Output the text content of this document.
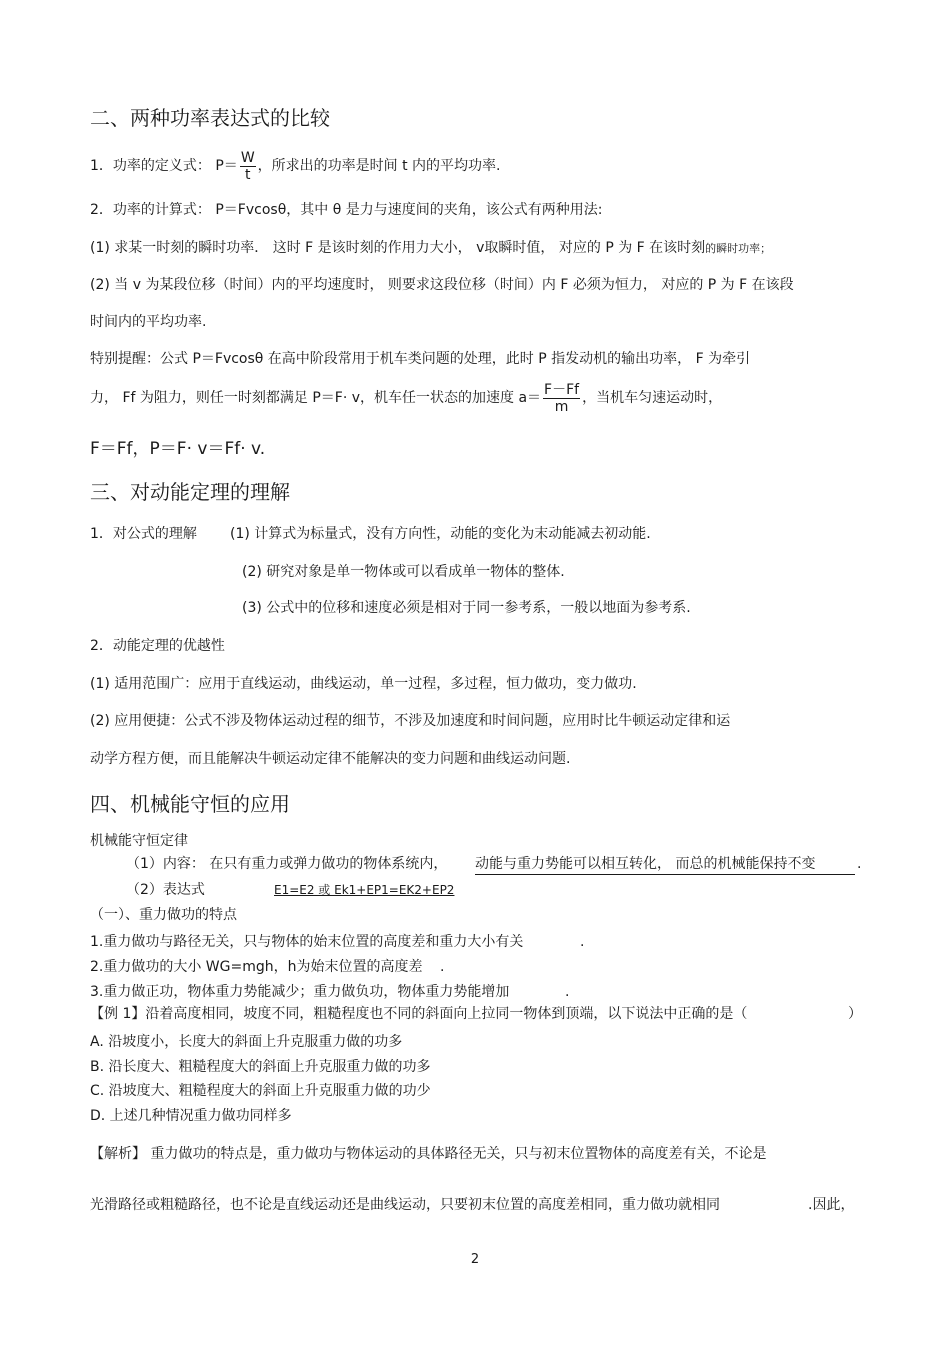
二、两种功率表达式的比较
1．功率的定义式： $P= \frac{W}{t}$ ，所求出的功率是时间 t 内的平均功率.
2．功率的计算式： P＝Fvcosθ，其中 θ 是力与速度间的夹角，该公式有两种用法:
(1) 求某一时刻的瞬时功率． 这时 F 是该时刻的作用力大小， v取瞬时值， 对应的 P 为 F 在该时刻的瞬时功率；
(2) 当 v 为某段位移（时间）内的平均速度时， 则要求这段位移（时间）内 F 必须为恒力， 对应的 P 为 F 在该段
时间内的平均功率.
特别提醒：公式 P＝Fvcosθ 在高中阶段常用于机车类问题的处理，此时 P 指发动机的输出功率， F 为牵引
力， Ff 为阻力，则任一时刻都满足 P＝F· v，机车任一状态的加速度 $a= \frac{F-Ff}{m}$ ，当机车匀速运动时，
F＝Ff，P＝F· v＝Ff· v.
三、对动能定理的理解
1．对公式的理解 (1) 计算式为标量式，没有方向性，动能的变化为末动能减去初动能.
(2) 研究对象是单一物体或可以看成单一物体的整体.
(3) 公式中的位移和速度必须是相对于同一参考系，一般以地面为参考系.
2．动能定理的优越性
(1) 适用范围广：应用于直线运动，曲线运动，单一过程，多过程，恒力做功，变力做功.
(2) 应用便捷：公式不涉及物体运动过程的细节，不涉及加速度和时间问题，应用时比牛顿运动定律和运
动学方程方便，而且能解决牛顿运动定律不能解决的变力问题和曲线运动问题.
四、机械能守恒的应用
机械能守恒定律
（1）内容： 在只有重力或弹力做功的物体系统内， 动能与重力势能可以相互转化， 而总的机械能保持不变	.
（2）表达式	E1=E2 或 Ek1+EP1=EK2+EP2
（一）、重力做功的特点
1.重力做功与路径无关，只与物体的始末位置的高度差和重力大小有关	.
2.重力做功的大小 WG=mgh，h为始末位置的高度差 .
3.重力做正功，物体重力势能减少；重力做负功，物体重力势能增加	.
【例 1】沿着高度相同，坡度不同，粗糙程度也不同的斜面向上拉同一物体到顶端，以下说法中正确的是（	）
A. 沿坡度小，长度大的斜面上升克服重力做的功多
B. 沿长度大、粗糙程度大的斜面上升克服重力做的功多
C. 沿坡度大、粗糙程度大的斜面上升克服重力做的功少
D. 上述几种情况重力做功同样多
【解析】 重力做功的特点是，重力做功与物体运动的具体路径无关，只与初末位置物体的高度差有关，不论是
光滑路径或粗糙路径，也不论是直线运动还是曲线运动，只要初末位置的高度差相同，重力做功就相同	.因此，
2
